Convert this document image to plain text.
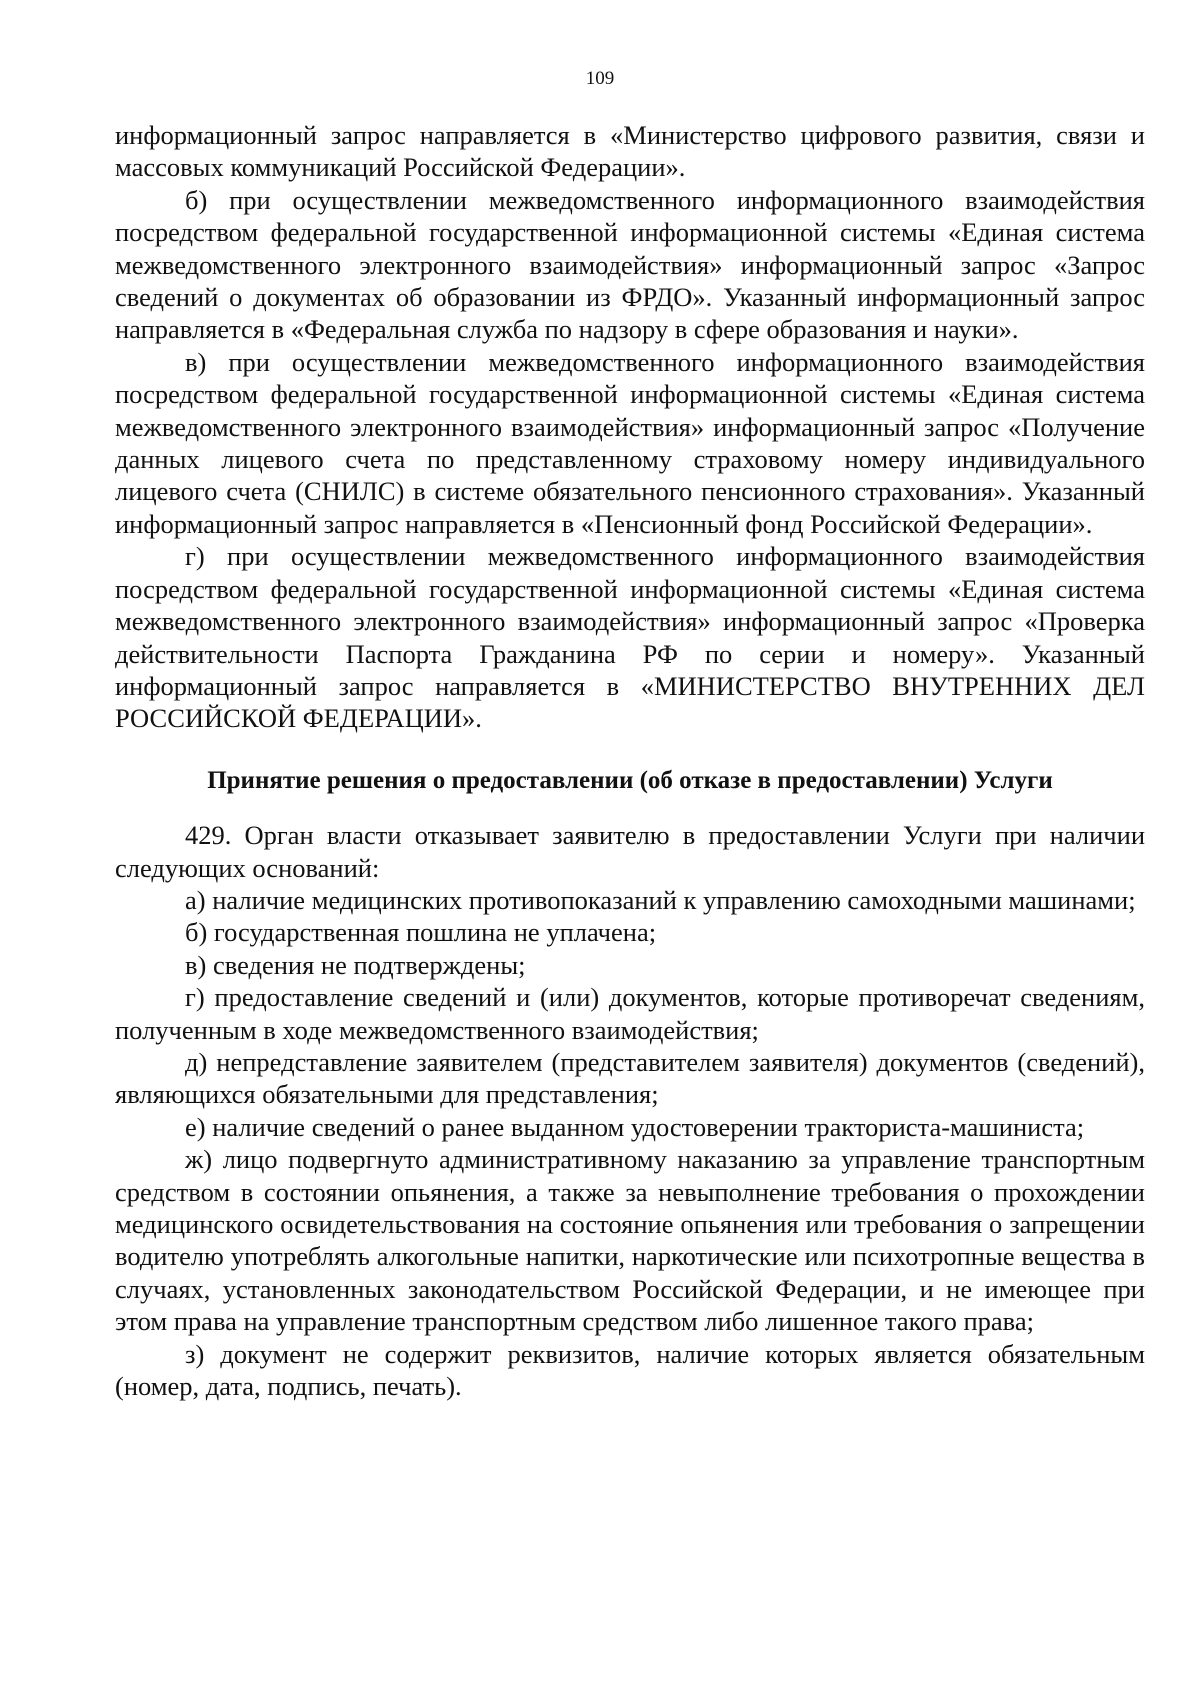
109

информационный запрос направляется в «Министерство цифрового развития, связи и массовых коммуникаций Российской Федерации».

б) при осуществлении межведомственного информационного взаимодействия посредством федеральной государственной информационной системы «Единая система межведомственного электронного взаимодействия» информационный запрос «Запрос сведений о документах об образовании из ФРДО». Указанный информационный запрос направляется в «Федеральная служба по надзору в сфере образования и науки».

в) при осуществлении межведомственного информационного взаимодействия посредством федеральной государственной информационной системы «Единая система межведомственного электронного взаимодействия» информационный запрос «Получение данных лицевого счета по представленному страховому номеру индивидуального лицевого счета (СНИЛС) в системе обязательного пенсионного страхования». Указанный информационный запрос направляется в «Пенсионный фонд Российской Федерации».

г) при осуществлении межведомственного информационного взаимодействия посредством федеральной государственной информационной системы «Единая система межведомственного электронного взаимодействия» информационный запрос «Проверка действительности Паспорта Гражданина РФ по серии и номеру». Указанный информационный запрос направляется в «МИНИСТЕРСТВО ВНУТРЕННИХ ДЕЛ РОССИЙСКОЙ ФЕДЕРАЦИИ».

Принятие решения о предоставлении (об отказе в предоставлении) Услуги

429. Орган власти отказывает заявителю в предоставлении Услуги при наличии следующих оснований:

а) наличие медицинских противопоказаний к управлению самоходными машинами;

б) государственная пошлина не уплачена;

в) сведения не подтверждены;

г) предоставление сведений и (или) документов, которые противоречат сведениям, полученным в ходе межведомственного взаимодействия;

д) непредставление заявителем (представителем заявителя) документов (сведений), являющихся обязательными для представления;

е) наличие сведений о ранее выданном удостоверении тракториста-машиниста;

ж) лицо подвергнуто административному наказанию за управление транспортным средством в состоянии опьянения, а также за невыполнение требования о прохождении медицинского освидетельствования на состояние опьянения или требования о запрещении водителю употреблять алкогольные напитки, наркотические или психотропные вещества в случаях, установленных законодательством Российской Федерации, и не имеющее при этом права на управление транспортным средством либо лишенное такого права;

з) документ не содержит реквизитов, наличие которых является обязательным (номер, дата, подпись, печать).
